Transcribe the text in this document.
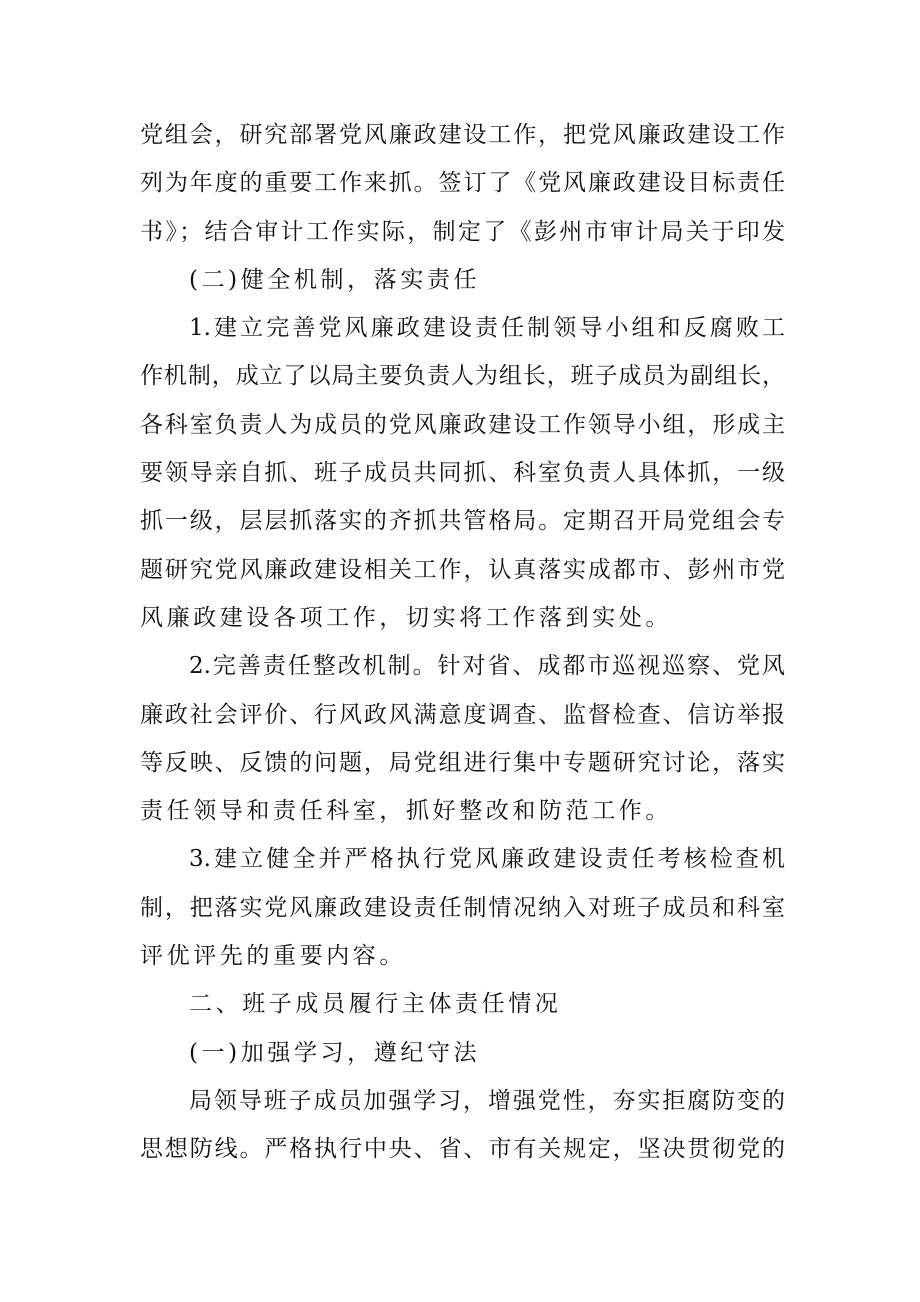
党组会，研究部署党风廉政建设工作，把党风廉政建设工作
列为年度的重要工作来抓。签订了《党风廉政建设目标责任
书》；结合审计工作实际，制定了《彭州市审计局关于印发
(二)健全机制，落实责任
1.建立完善党风廉政建设责任制领导小组和反腐败工
作机制，成立了以局主要负责人为组长，班子成员为副组长，
各科室负责人为成员的党风廉政建设工作领导小组，形成主
要领导亲自抓、班子成员共同抓、科室负责人具体抓，一级
抓一级，层层抓落实的齐抓共管格局。定期召开局党组会专
题研究党风廉政建设相关工作，认真落实成都市、彭州市党
风廉政建设各项工作，切实将工作落到实处。
2.完善责任整改机制。针对省、成都市巡视巡察、党风
廉政社会评价、行风政风满意度调查、监督检查、信访举报
等反映、反馈的问题，局党组进行集中专题研究讨论，落实
责任领导和责任科室，抓好整改和防范工作。
3.建立健全并严格执行党风廉政建设责任考核检查机
制，把落实党风廉政建设责任制情况纳入对班子成员和科室
评优评先的重要内容。
二、班子成员履行主体责任情况
(一)加强学习，遵纪守法
局领导班子成员加强学习，增强党性，夯实拒腐防变的
思想防线。严格执行中央、省、市有关规定，坚决贯彻党的
